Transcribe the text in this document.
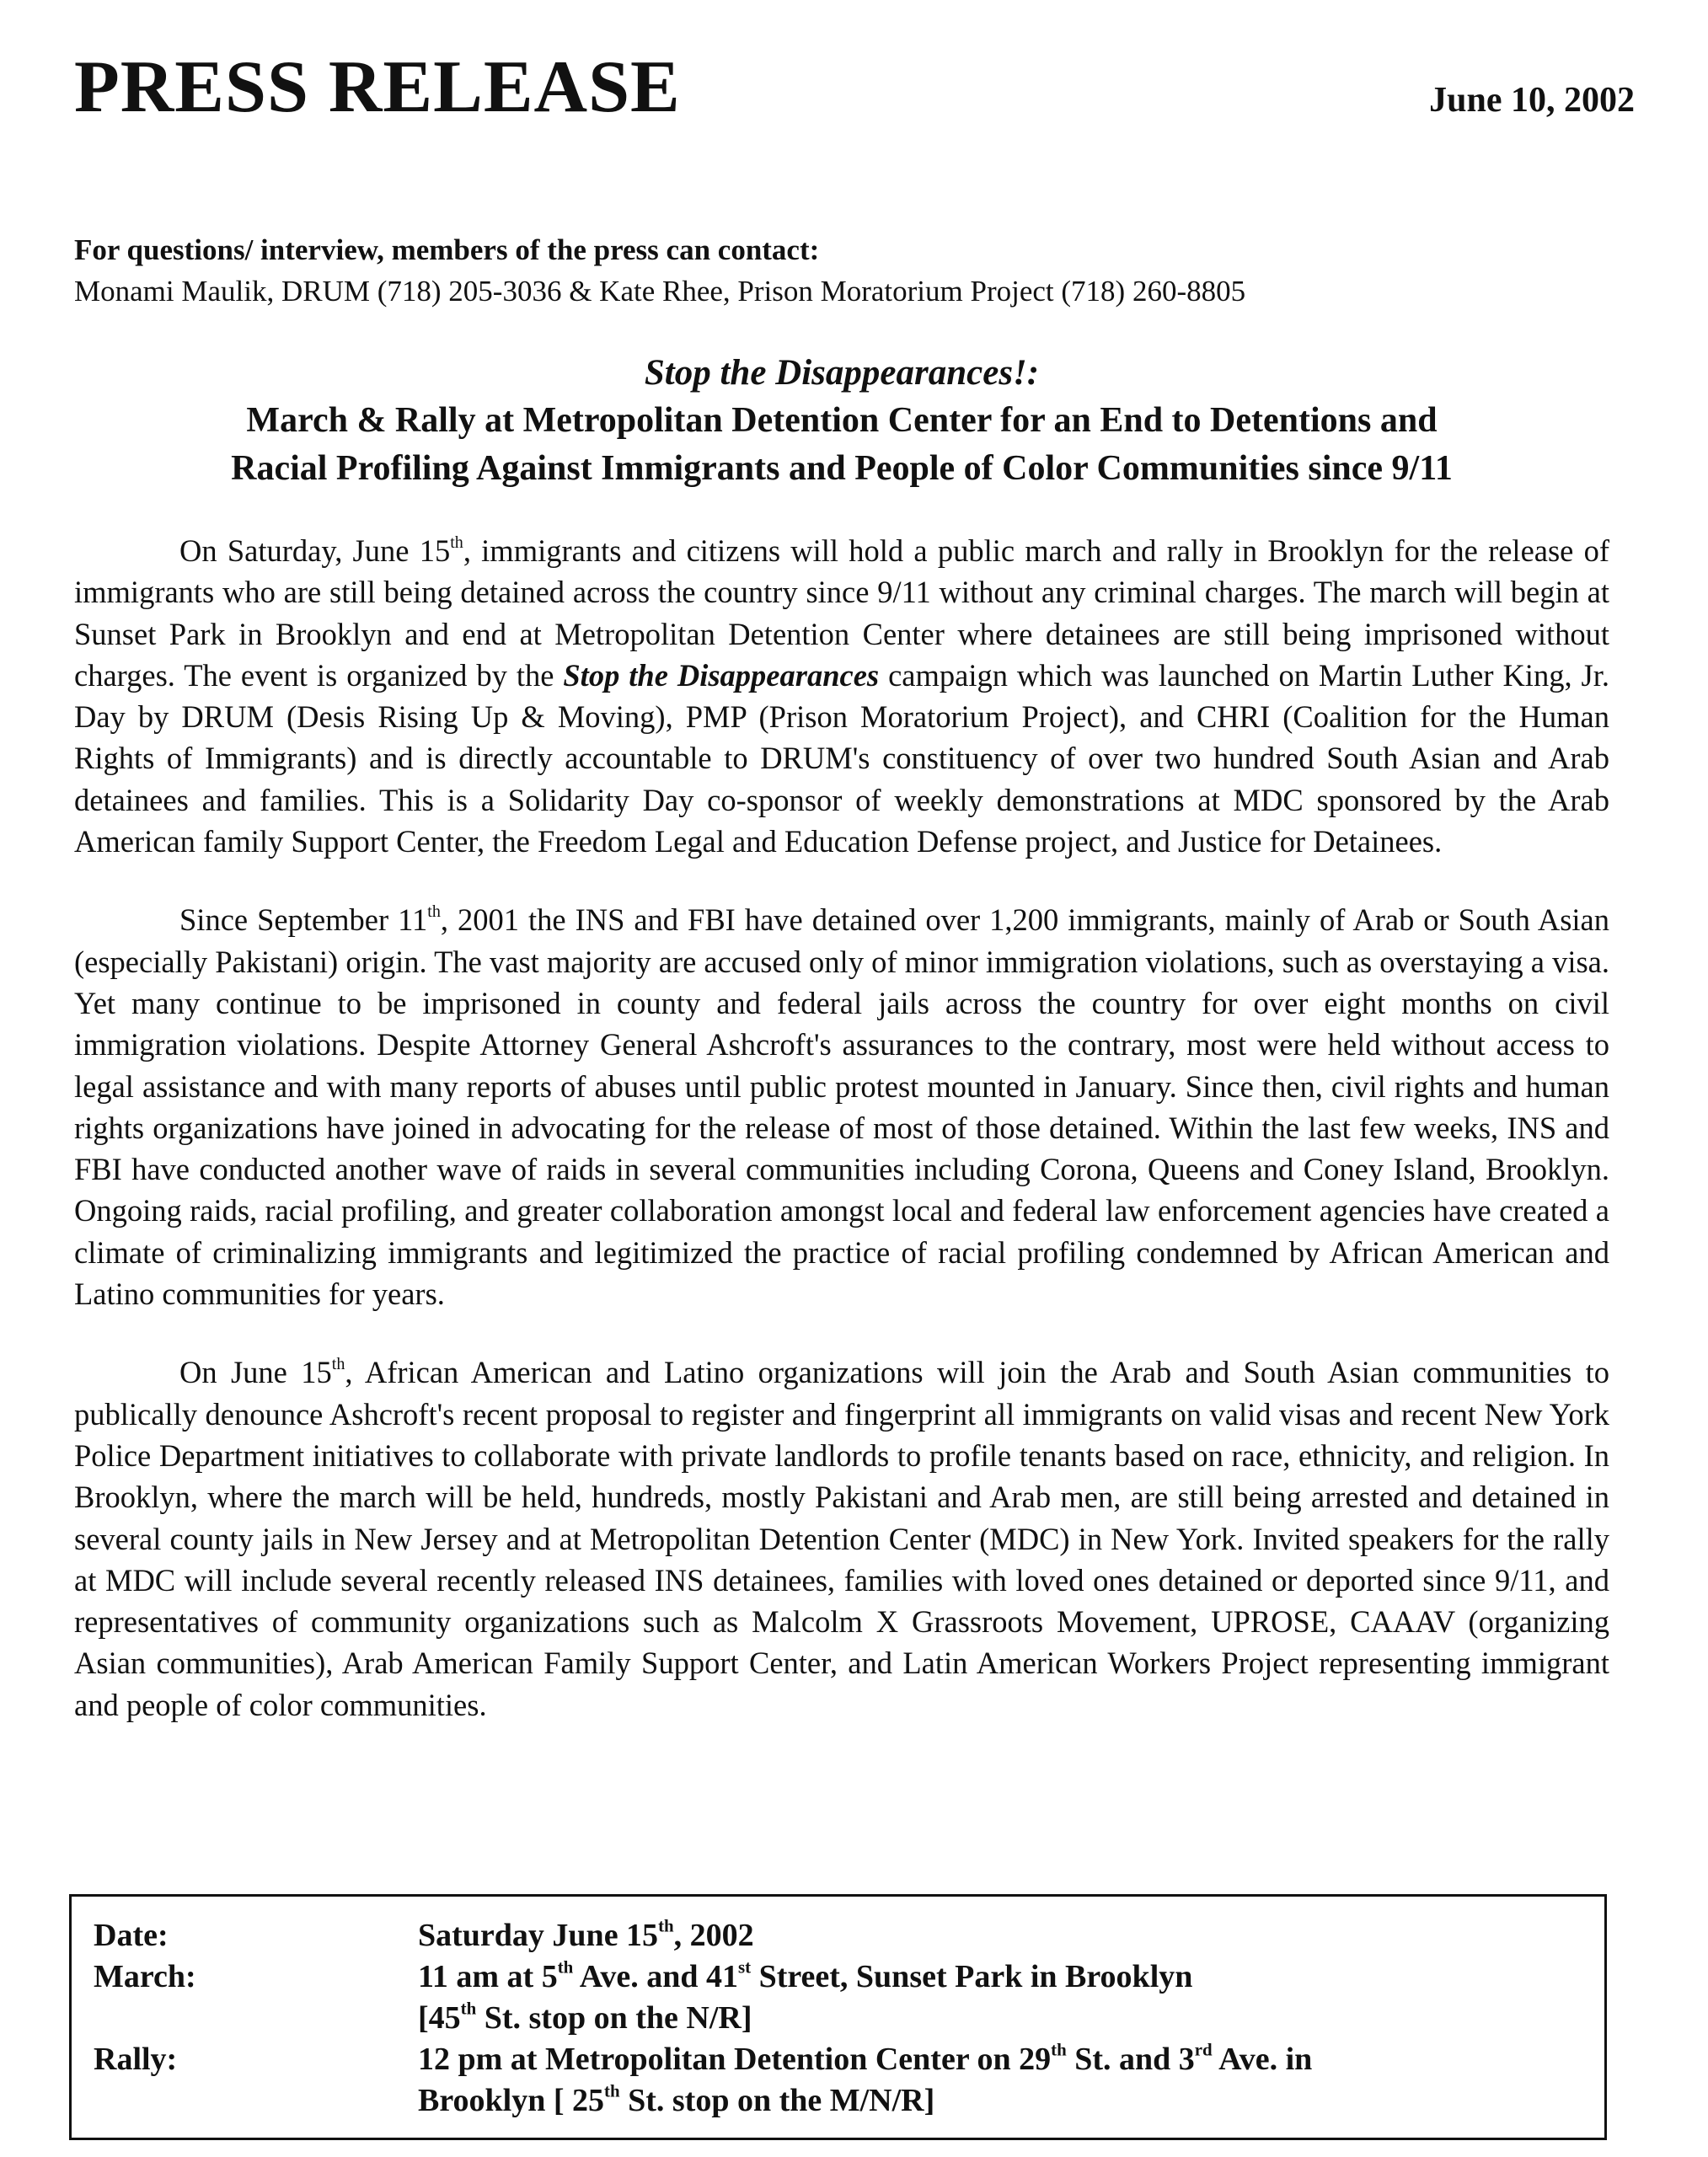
PRESS RELEASE	June 10, 2002
For questions/ interview, members of the press can contact:
Monami Maulik, DRUM (718) 205-3036 & Kate Rhee, Prison Moratorium Project (718) 260-8805
Stop the Disappearances!:
March & Rally at Metropolitan Detention Center for an End to Detentions and
Racial Profiling Against Immigrants and People of Color Communities since 9/11

On Saturday, June 15th, immigrants and citizens will hold a public march and rally in Brooklyn for the release of immigrants who are still being detained across the country since 9/11 without any criminal charges. The march will begin at Sunset Park in Brooklyn and end at Metropolitan Detention Center where detainees are still being imprisoned without charges. The event is organized by the Stop the Disappearances campaign which was launched on Martin Luther King, Jr. Day by DRUM (Desis Rising Up & Moving), PMP (Prison Moratorium Project), and CHRI (Coalition for the Human Rights of Immigrants) and is directly accountable to DRUM's constituency of over two hundred South Asian and Arab detainees and families. This is a Solidarity Day co-sponsor of weekly demonstrations at MDC sponsored by the Arab American family Support Center, the Freedom Legal and Education Defense project, and Justice for Detainees.

Since September 11th, 2001 the INS and FBI have detained over 1,200 immigrants, mainly of Arab or South Asian (especially Pakistani) origin. The vast majority are accused only of minor immigration violations, such as overstaying a visa. Yet many continue to be imprisoned in county and federal jails across the country for over eight months on civil immigration violations. Despite Attorney General Ashcroft's assurances to the contrary, most were held without access to legal assistance and with many reports of abuses until public protest mounted in January. Since then, civil rights and human rights organizations have joined in advocating for the release of most of those detained. Within the last few weeks, INS and FBI have conducted another wave of raids in several communities including Corona, Queens and Coney Island, Brooklyn. Ongoing raids, racial profiling, and greater collaboration amongst local and federal law enforcement agencies have created a climate of criminalizing immigrants and legitimized the practice of racial profiling condemned by African American and Latino communities for years.

On June 15th, African American and Latino organizations will join the Arab and South Asian communities to publically denounce Ashcroft's recent proposal to register and fingerprint all immigrants on valid visas and recent New York Police Department initiatives to collaborate with private landlords to profile tenants based on race, ethnicity, and religion. In Brooklyn, where the march will be held, hundreds, mostly Pakistani and Arab men, are still being arrested and detained in several county jails in New Jersey and at Metropolitan Detention Center (MDC) in New York. Invited speakers for the rally at MDC will include several recently released INS detainees, families with loved ones detained or deported since 9/11, and representatives of community organizations such as Malcolm X Grassroots Movement, UPROSE, CAAAV (organizing Asian communities), Arab American Family Support Center, and Latin American Workers Project representing immigrant and people of color communities.

Date:	Saturday June 15th, 2002
March:	11 am at 5th Ave. and 41st Street, Sunset Park in Brooklyn
[45th St. stop on the N/R]
Rally:	12 pm at Metropolitan Detention Center on 29th St. and 3rd Ave. in
Brooklyn [ 25th St. stop on the M/N/R]
